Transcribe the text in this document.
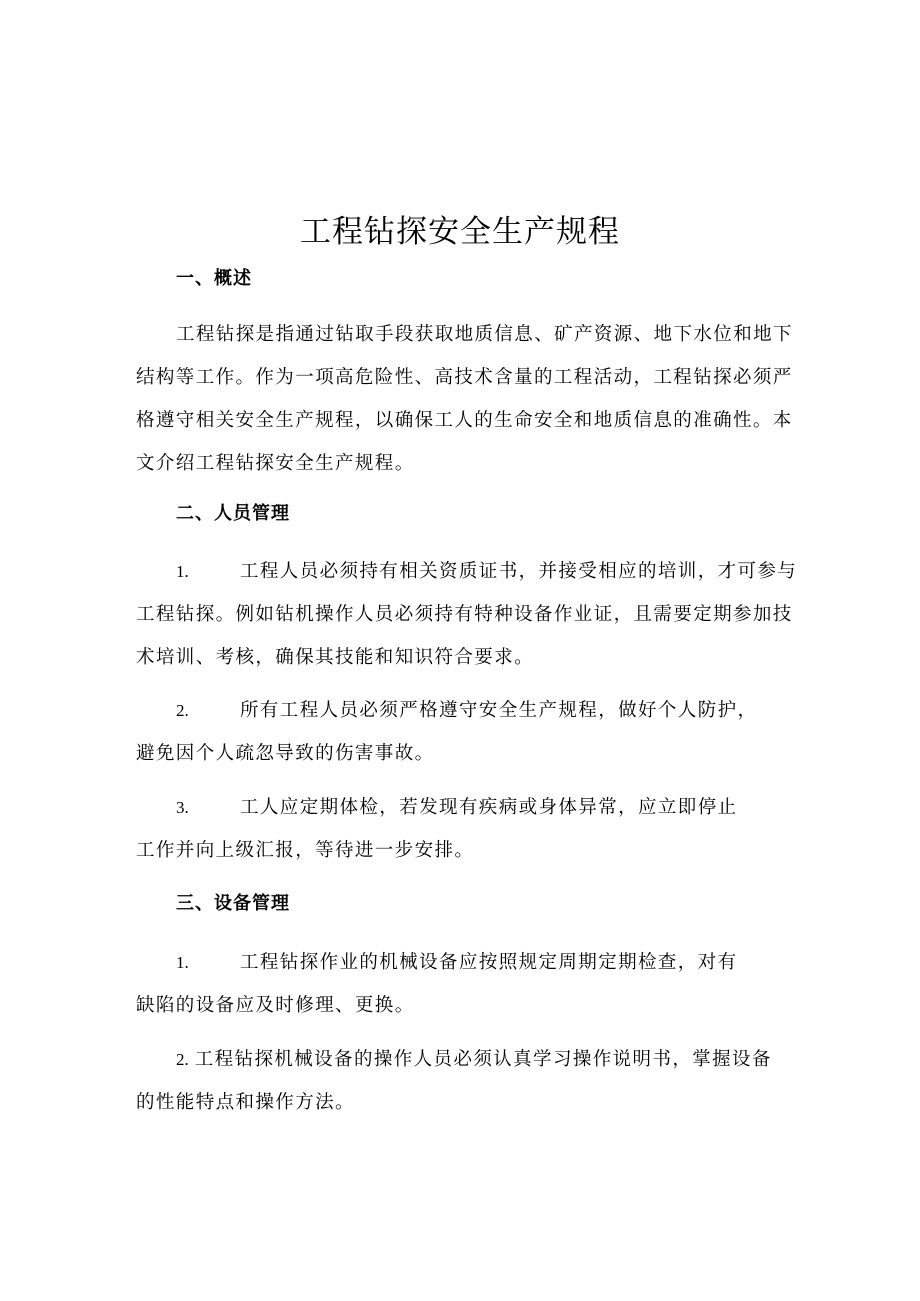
工程钻探安全生产规程
一、概述
工程钻探是指通过钻取手段获取地质信息、矿产资源、地下水位和地下
结构等工作。作为一项高危险性、高技术含量的工程活动，工程钻探必须严
格遵守相关安全生产规程，以确保工人的生命安全和地质信息的准确性。本
文介绍工程钻探安全生产规程。
二、人员管理
1.	工程人员必须持有相关资质证书，并接受相应的培训，才可参与
工程钻探。例如钻机操作人员必须持有特种设备作业证，且需要定期参加技
术培训、考核，确保其技能和知识符合要求。
2.	所有工程人员必须严格遵守安全生产规程，做好个人防护，
避免因个人疏忽导致的伤害事故。
3.	工人应定期体检，若发现有疾病或身体异常，应立即停止
工作并向上级汇报，等待进一步安排。
三、设备管理
1.	工程钻探作业的机械设备应按照规定周期定期检查，对有
缺陷的设备应及时修理、更换。
2. 工程钻探机械设备的操作人员必须认真学习操作说明书，掌握设备
的性能特点和操作方法。
